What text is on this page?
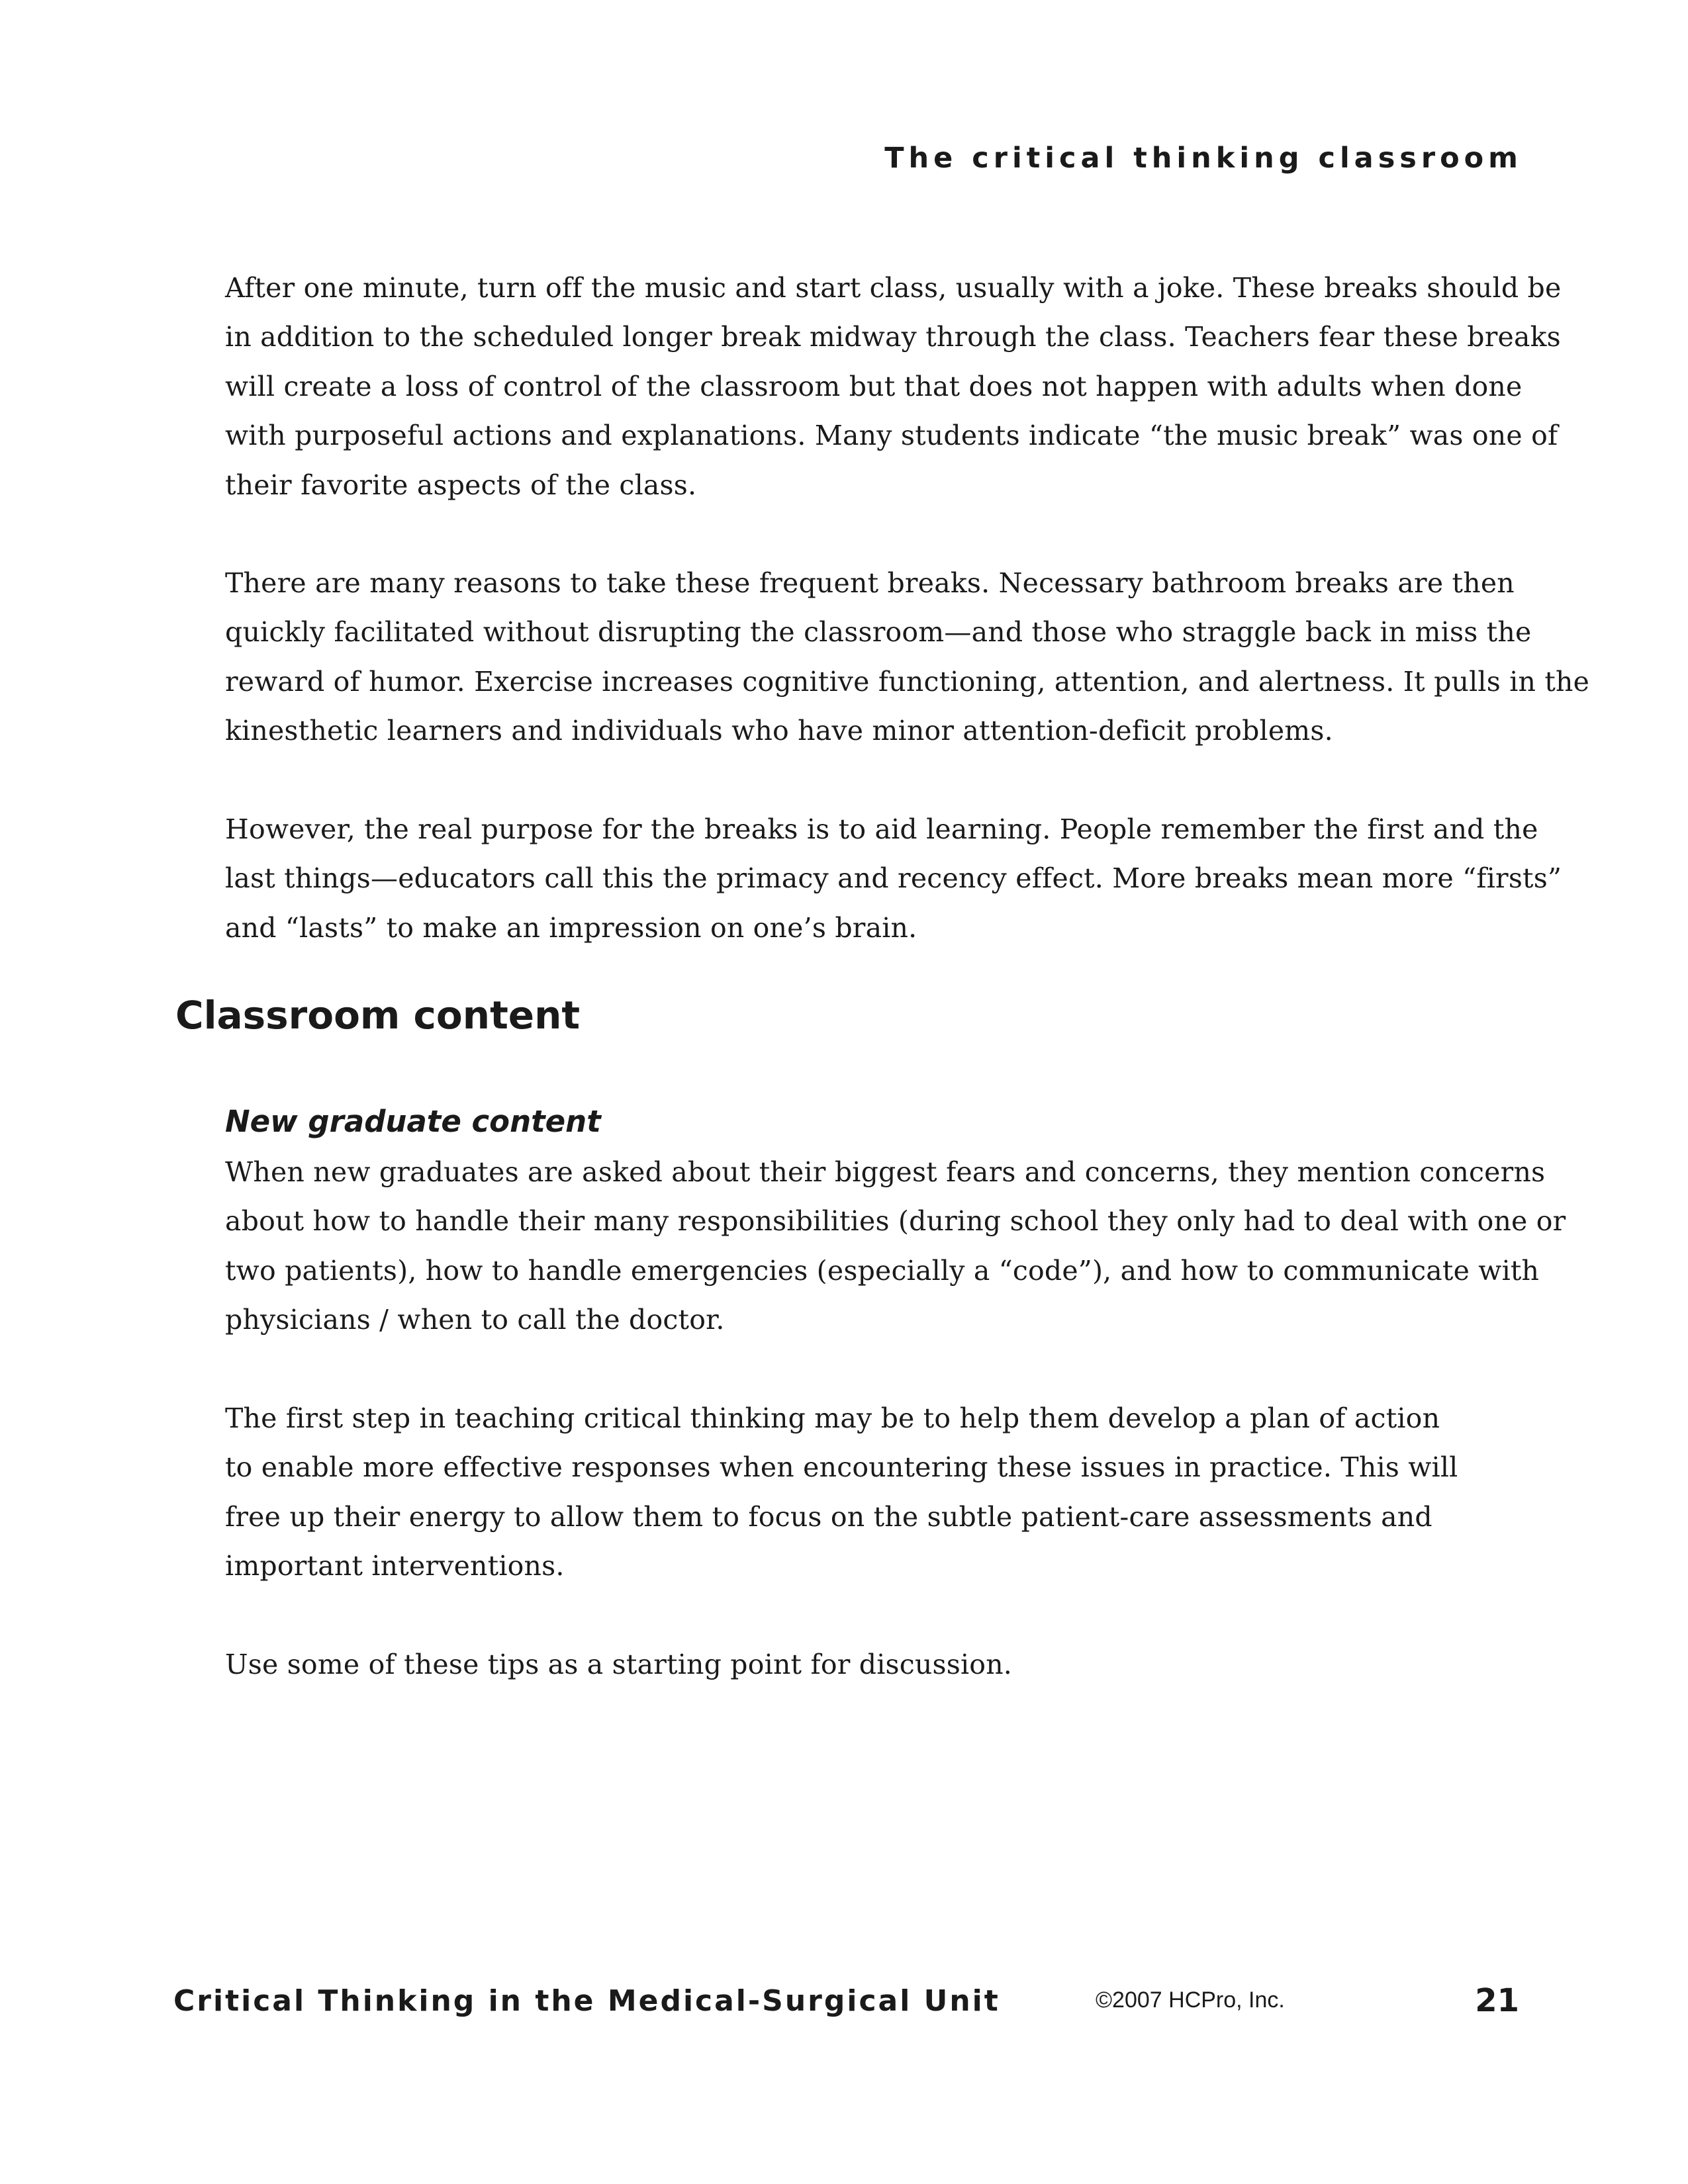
The critical thinking classroom

After one minute, turn off the music and start class, usually with a joke. These breaks should be
in addition to the scheduled longer break midway through the class. Teachers fear these breaks
will create a loss of control of the classroom but that does not happen with adults when done
with purposeful actions and explanations. Many students indicate “the music break” was one of
their favorite aspects of the class.

There are many reasons to take these frequent breaks. Necessary bathroom breaks are then
quickly facilitated without disrupting the classroom—and those who straggle back in miss the
reward of humor. Exercise increases cognitive functioning, attention, and alertness. It pulls in the
kinesthetic learners and individuals who have minor attention-deficit problems.

However, the real purpose for the breaks is to aid learning. People remember the first and the
last things—educators call this the primacy and recency effect. More breaks mean more “firsts”
and “lasts” to make an impression on one’s brain.

Classroom content
New graduate content

When new graduates are asked about their biggest fears and concerns, they mention concerns
about how to handle their many responsibilities (during school they only had to deal with one or
two patients), how to handle emergencies (especially a “code”), and how to communicate with
physicians / when to call the doctor.

The first step in teaching critical thinking may be to help them develop a plan of action
to enable more effective responses when encountering these issues in practice. This will
free up their energy to allow them to focus on the subtle patient-care assessments and
important interventions.

Use some of these tips as a starting point for discussion.

Critical Thinking in the Medical-Surgical Unit	©2007 HCPro, Inc.	21
